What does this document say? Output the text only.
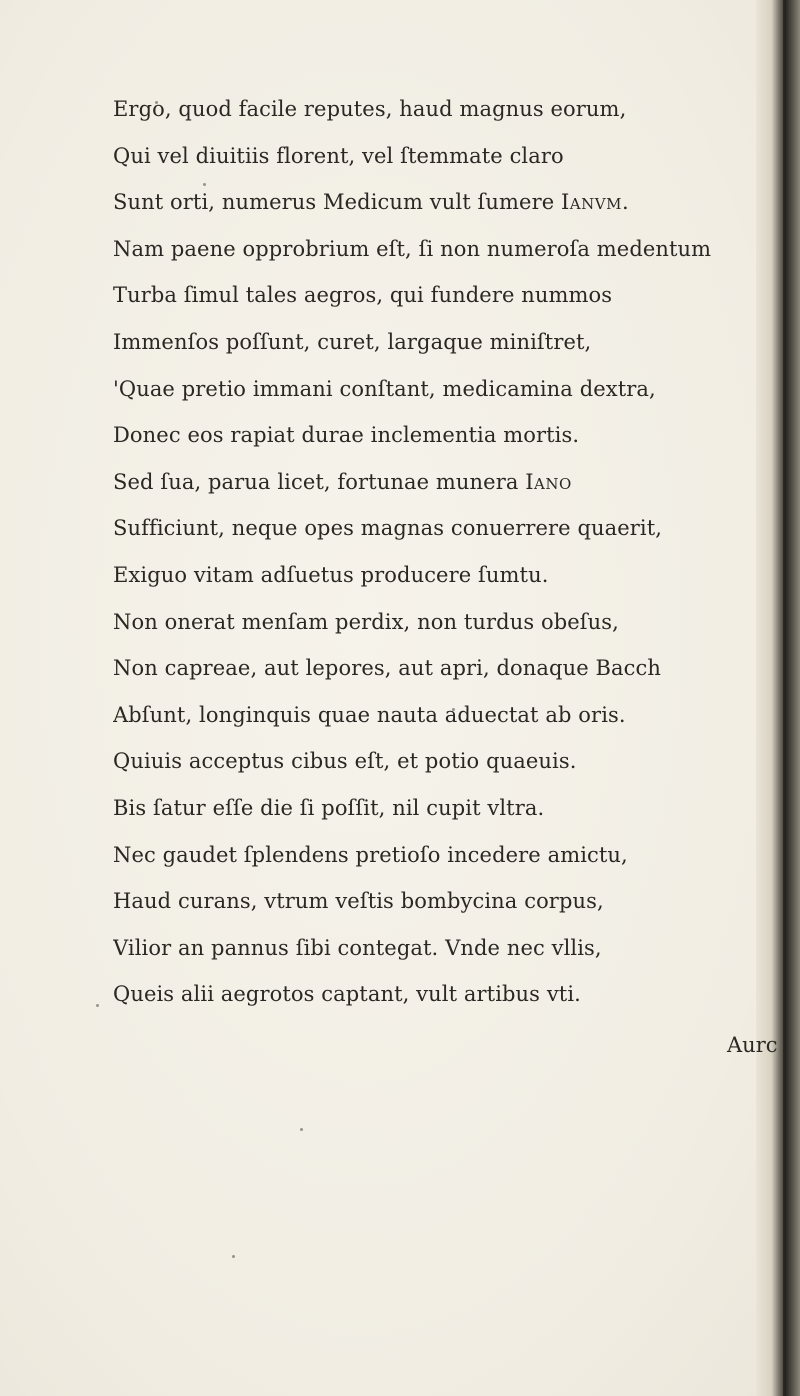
Ergo, quod facile reputes, haud magnus eorum,
Qui vel diuitiis florent, vel ſtemmate claro
Sunt orti, numerus Medicum vult ſumere Ianvm.
Nam paene opprobrium eſt, ſi non numeroſa medentum
Turba ſimul tales aegros, qui fundere nummos
Immenſos poſſunt, curet, largaque miniſtret,
'Quae pretio immani conſtant, medicamina dextra,
Donec eos rapiat durae inclementia mortis.
Sed ſua, parua licet, fortunae munera Iano
Sufficiunt, neque opes magnas conuerrere quaerit,
Exiguo vitam adſuetus producere ſumtu.
Non onerat menſam perdix, non turdus obeſus,
Non capreae, aut lepores, aut apri, donaque Bacch
Abſunt, longinquis quae nauta aduectat ab oris.
Quiuis acceptus cibus eſt, et potio quaeuis.
Bis ſatur eſſe die ſi poſſit, nil cupit vltra.
Nec gaudet ſplendens pretioſo incedere amictu,
Haud curans, vtrum veſtis bombycina corpus,
Vilior an pannus ſibi contegat. Vnde nec vllis,
Queis alii aegrotos captant, vult artibus vti.
Aurc
